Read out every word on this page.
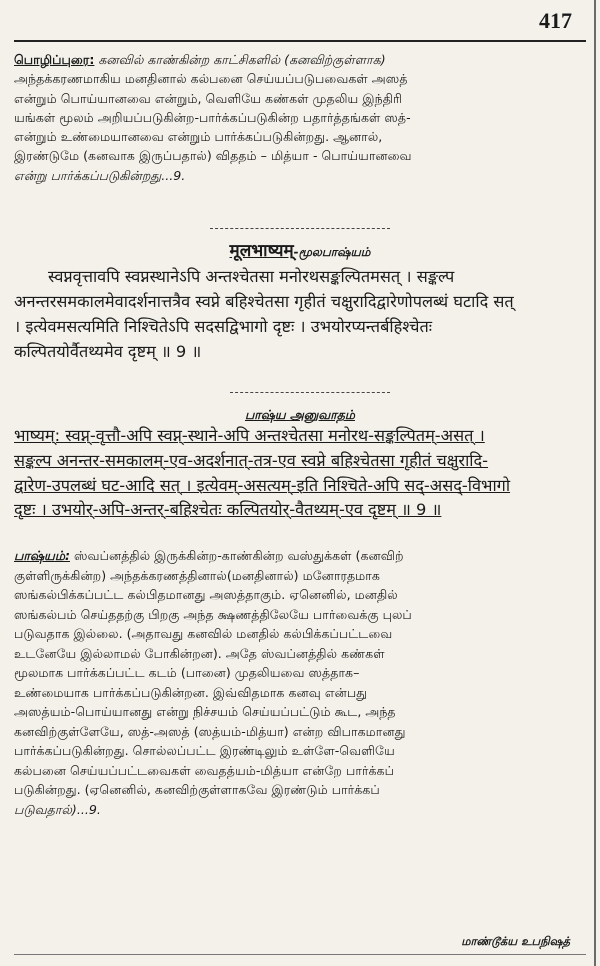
417
பொழிப்புரை: கனவில் காண்கின்ற காட்சிகளில் (கனவிற்குள்ளாக)
அந்தக்கரணமாகிய மனதினால் கல்பனை செய்யப்படுபவைகள் அஸத்
என்றும் பொய்யானவை என்றும், வெளியே கண்கள் முதலிய இந்திரி
யங்கள் மூலம் அறியப்படுகின்ற-பார்க்கப்படுகின்ற பதார்த்தங்கள் ஸத்-
என்றும் உண்மையானவை என்றும் பார்க்கப்படுகின்றது. ஆனால்,
இரண்டுமே (கனவாக இருப்பதால்) விததம் – மித்யா - பொய்யானவை
என்று பார்க்கப்படுகின்றது...9.
मूलभाष्यम्-மூலபாஷ்யம்
स्वप्नवृत्तावपि स्वप्नस्थानेऽपि अन्तश्चेतसा मनोरथसङ्कल्पितमसत् । सङ्कल्प
अनन्तरसमकालमेवादर्शनात्तत्रैव स्वप्ने बहिश्चेतसा गृहीतं चक्षुरादिद्वारेणोपलब्धं घटादि सत्
। इत्येवमसत्यमिति निश्चितेऽपि सदसद्विभागो दृष्टः । उभयोरप्यन्तर्बहिश्चेतः
कल्पितयोर्वैतथ्यमेव दृष्टम् ॥ 9 ॥
பாஷ்ய அனுவாதம்
भाष्यम्: स्वप्न्-वृत्तौ-अपि स्वप्न्-स्थाने-अपि अन्तश्चेतसा मनोरथ-सङ्कल्पितम्-असत् ।
सङ्कल्प अनन्तर-समकालम्-एव-अदर्शनात्-तत्र-एव स्वप्ने बहिश्चेतसा गृहीतं चक्षुरादि-
द्वारेण-उपलब्धं घट-आदि सत् । इत्येवम्-असत्यम्-इति निश्चिते-अपि सद्-असद्-विभागो
दृष्टः । उभयोर्-अपि-अन्तर्-बहिश्चेतः कल्पितयोर्-वैतथ्यम्-एव दृष्टम् ॥ 9 ॥
பாஷ்யம்: ஸ்வப்னத்தில் இருக்கின்ற-காண்கின்ற வஸ்துக்கள் (கனவிற்
குள்ளிருக்கின்ற) அந்தக்கரணத்தினால்(மனதினால்) மனோரதமாக
ஸங்கல்பிக்கப்பட்ட கல்பிதமானது அஸத்தாகும். ஏனெனில், மனதில்
ஸங்கல்பம் செய்ததற்கு பிறகு அந்த க்ஷணத்திலேயே பார்வைக்கு புலப்
படுவதாக இல்லை. (அதாவது கனவில் மனதில் கல்பிக்கப்பட்டவை
உடனேயே இல்லாமல் போகின்றன). அதே ஸ்வப்னத்தில் கண்கள்
மூலமாக பார்க்கப்பட்ட கடம் (பானை) முதலியவை ஸத்தாக–
உண்மையாக பார்க்கப்படுகின்றன. இவ்விதமாக கனவு என்பது
அஸத்யம்-பொய்யானது என்று நிச்சயம் செய்யப்பட்டும் கூட, அந்த
கனவிற்குள்ளேயே, ஸத்-அஸத் (ஸத்யம்-மித்யா) என்ற விபாகமானது
பார்க்கப்படுகின்றது. சொல்லப்பட்ட இரண்டிலும் உள்ளே-வெளியே
கல்பனை செய்யப்பட்டவைகள் வைதத்யம்-மித்யா என்றே பார்க்கப்
படுகின்றது. (ஏனெனில், கனவிற்குள்ளாகவே இரண்டும் பார்க்கப்
படுவதால்)...9.
மாண்டூக்ய உபநிஷத்
